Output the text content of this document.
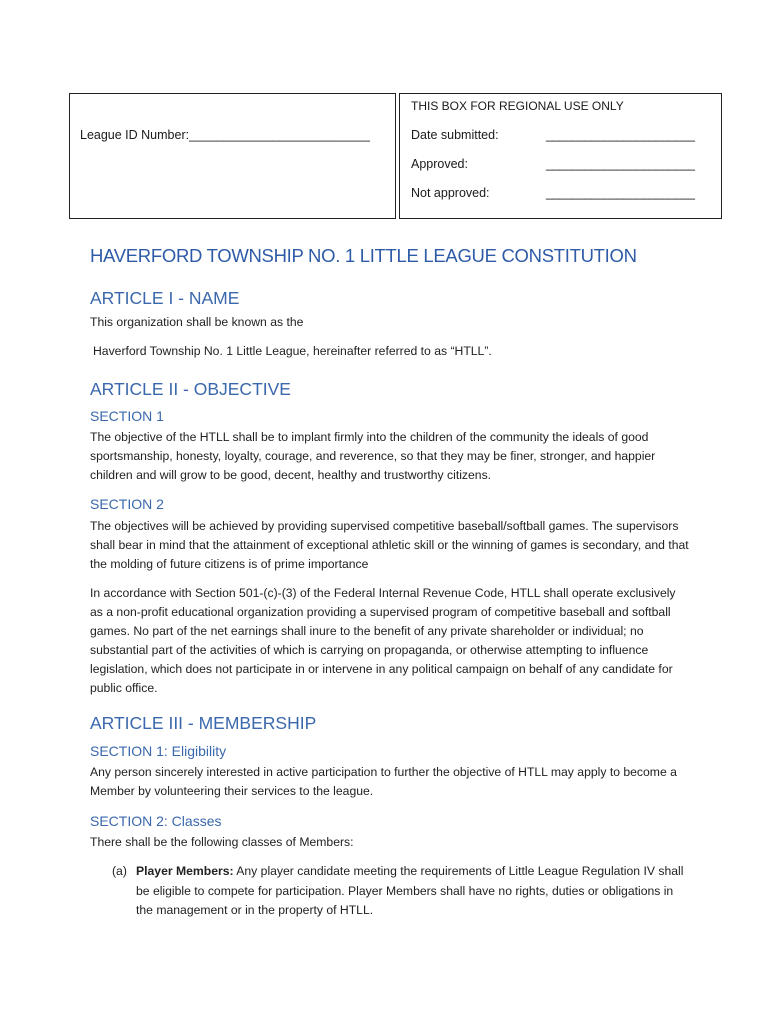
League ID Number:__________________________
THIS BOX FOR REGIONAL USE ONLY
Date submitted:	_______________________
Approved:	_______________________
Not approved:	_______________________
HAVERFORD TOWNSHIP NO. 1 LITTLE LEAGUE CONSTITUTION
ARTICLE I - NAME
This organization shall be known as the
Haverford Township No. 1 Little League, hereinafter referred to as “HTLL”.
ARTICLE II - OBJECTIVE
SECTION 1
The objective of the HTLL shall be to implant firmly into the children of the community the ideals of good sportsmanship, honesty, loyalty, courage, and reverence, so that they may be finer, stronger, and happier children and will grow to be good, decent, healthy and trustworthy citizens.
SECTION 2
The objectives will be achieved by providing supervised competitive baseball/softball games. The supervisors shall bear in mind that the attainment of exceptional athletic skill or the winning of games is secondary, and that the molding of future citizens is of prime importance
In accordance with Section 501-(c)-(3) of the Federal Internal Revenue Code, HTLL shall operate exclusively as a non-profit educational organization providing a supervised program of competitive baseball and softball games. No part of the net earnings shall inure to the benefit of any private shareholder or individual; no substantial part of the activities of which is carrying on propaganda, or otherwise attempting to influence legislation, which does not participate in or intervene in any political campaign on behalf of any candidate for public office.
ARTICLE III - MEMBERSHIP
SECTION 1: Eligibility
Any person sincerely interested in active participation to further the objective of HTLL may apply to become a Member by volunteering their services to the league.
SECTION 2: Classes
There shall be the following classes of Members:
(a) Player Members: Any player candidate meeting the requirements of Little League Regulation IV shall be eligible to compete for participation. Player Members shall have no rights, duties or obligations in the management or in the property of HTLL.
